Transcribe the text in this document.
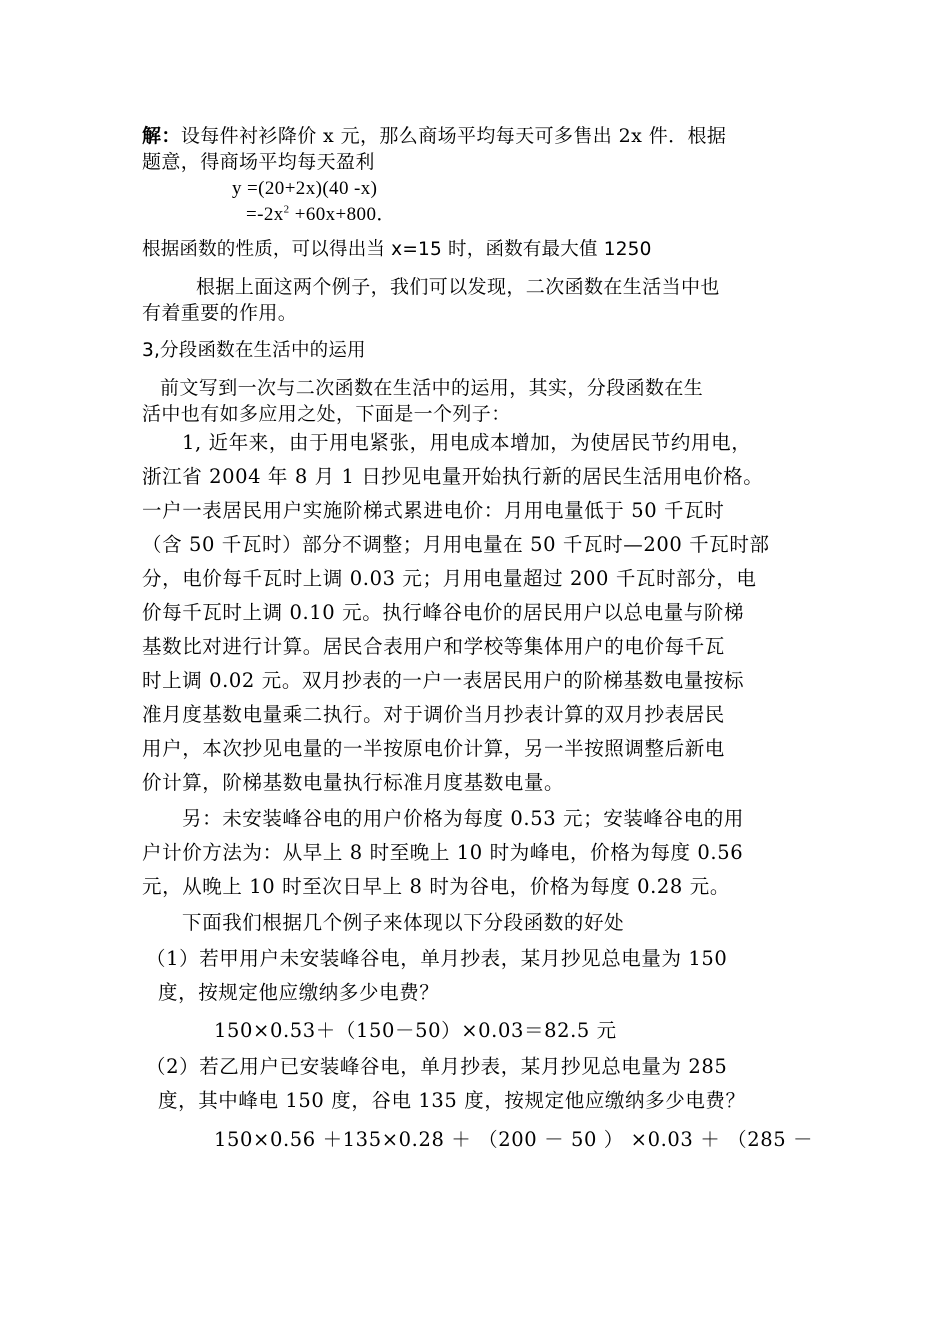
解：设每件衬衫降价 x 元，那么商场平均每天可多售出 2x 件．根据
题意，得商场平均每天盈利
y =(20+2x)(40 -x)
$=-2x^2 +60x+800$．
根据函数的性质，可以得出当 x=15 时，函数有最大值 1250
根据上面这两个例子，我们可以发现，二次函数在生活当中也
有着重要的作用。
3,分段函数在生活中的运用
前文写到一次与二次函数在生活中的运用，其实，分段函数在生
活中也有如多应用之处，下面是一个列子：
1, 近年来，由于用电紧张，用电成本增加，为使居民节约用电，
浙江省 2004 年 8 月 1 日抄见电量开始执行新的居民生活用电价格。
一户一表居民用户实施阶梯式累进电价：月用电量低于 50 千瓦时
（含 50 千瓦时）部分不调整；月用电量在 50 千瓦时—200 千瓦时部
分，电价每千瓦时上调 0.03 元；月用电量超过 200 千瓦时部分，电
价每千瓦时上调 0.10 元。执行峰谷电价的居民用户以总电量与阶梯
基数比对进行计算。居民合表用户和学校等集体用户的电价每千瓦
时上调 0.02 元。双月抄表的一户一表居民用户的阶梯基数电量按标
准月度基数电量乘二执行。对于调价当月抄表计算的双月抄表居民
用户，本次抄见电量的一半按原电价计算，另一半按照调整后新电
价计算，阶梯基数电量执行标准月度基数电量。
另：未安装峰谷电的用户价格为每度 0.53 元；安装峰谷电的用
户计价方法为：从早上 8 时至晚上 10 时为峰电，价格为每度 0.56
元，从晚上 10 时至次日早上 8 时为谷电，价格为每度 0.28 元。
下面我们根据几个例子来体现以下分段函数的好处
（1）若甲用户未安装峰谷电，单月抄表，某月抄见总电量为 150
度，按规定他应缴纳多少电费？
150×0.53＋（150－50）×0.03＝82.5 元
（2）若乙用户已安装峰谷电，单月抄表，某月抄见总电量为 285
度，其中峰电 150 度，谷电 135 度，按规定他应缴纳多少电费？
150×0.56 ＋135×0.28 ＋ （200 － 50 ） ×0.03 ＋ （285 －
